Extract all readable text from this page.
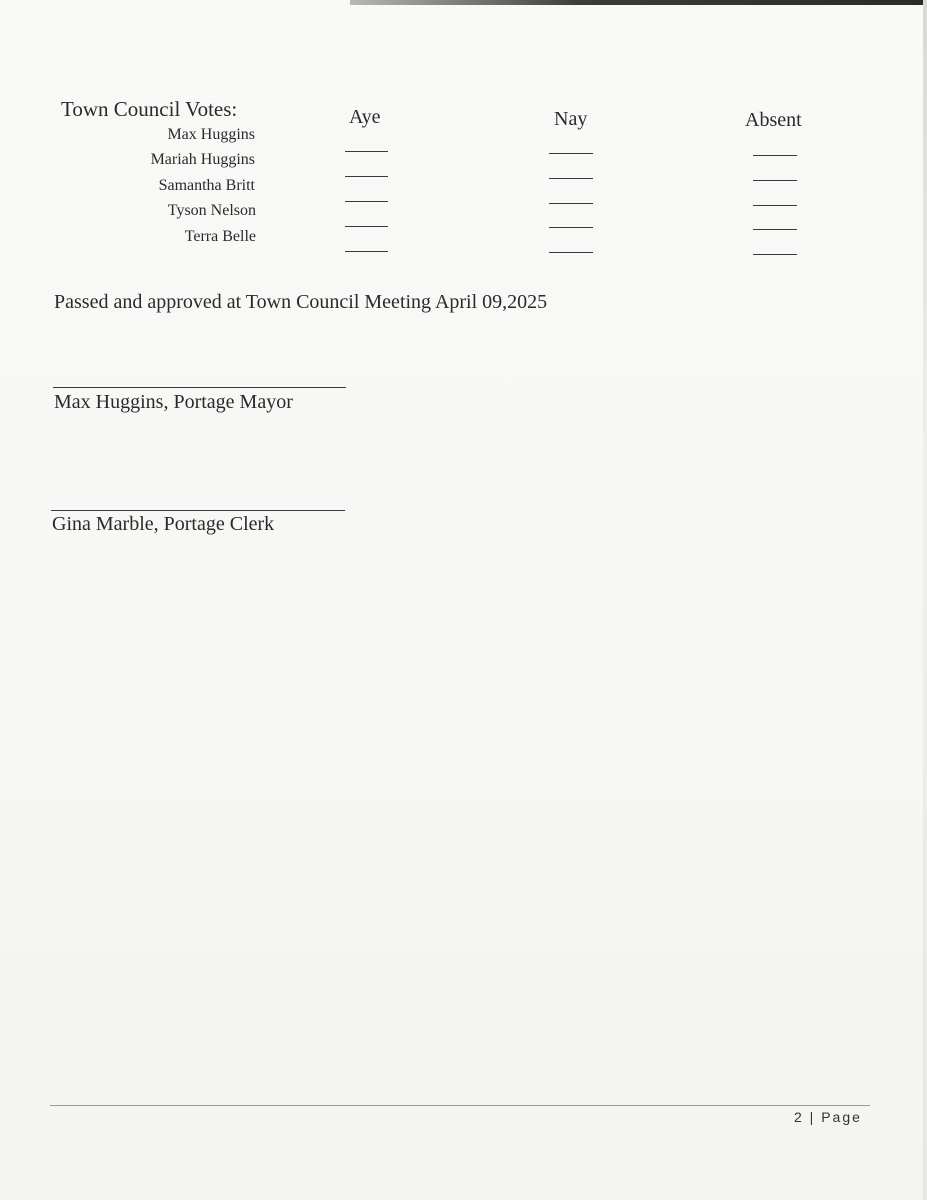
Town Council Votes:	Aye	Nay	Absent
Max Huggins
Mariah Huggins
Samantha Britt
Tyson Nelson
Terra Belle
Passed and approved at Town Council Meeting April 09,2025
Max Huggins, Portage Mayor
Gina Marble, Portage Clerk
2 | Page
